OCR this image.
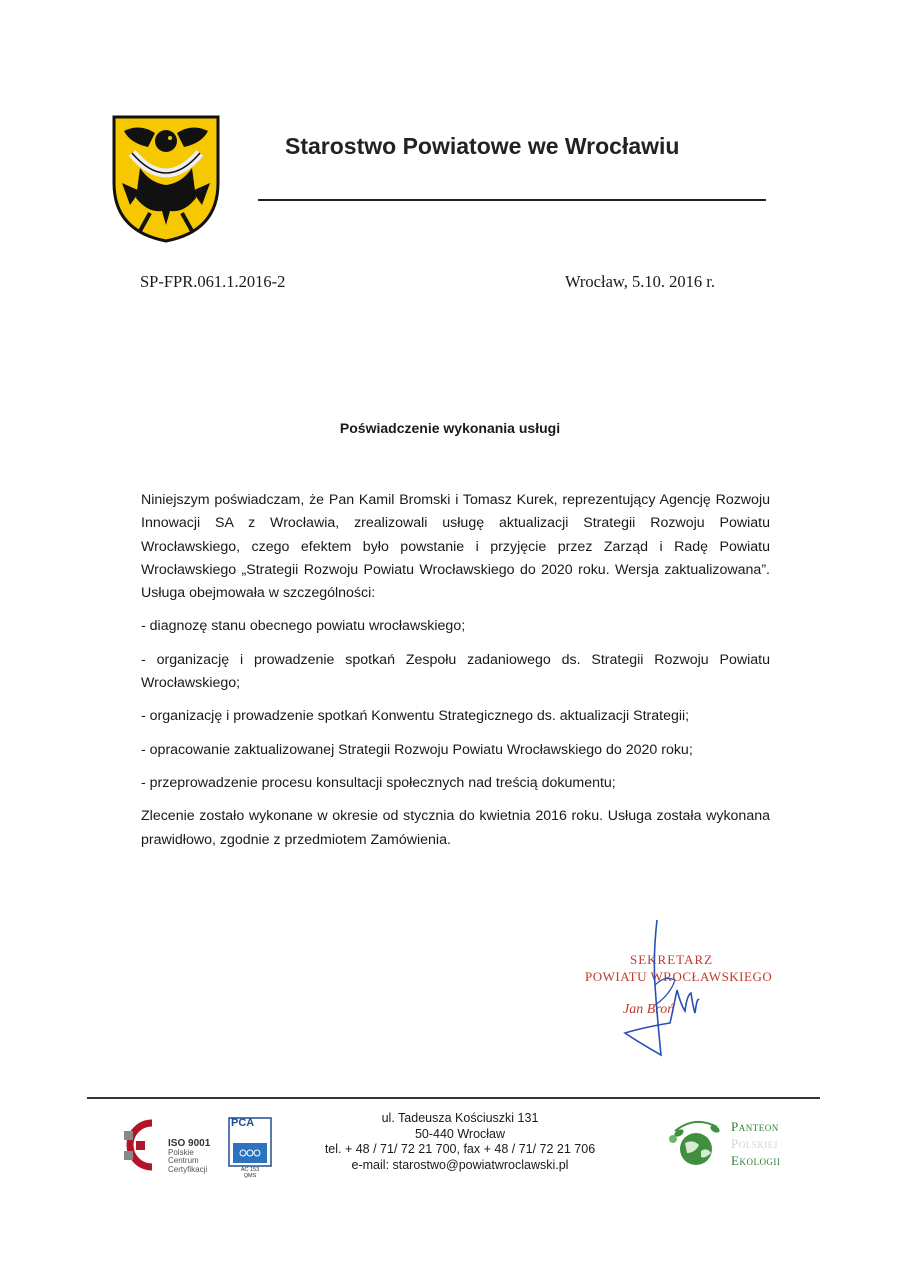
Starostwo Powiatowe we Wrocławiu
SP-FPR.061.1.2016-2	Wrocław, 5.10. 2016 r.
Poświadczenie wykonania usługi

Niniejszym poświadczam, że Pan Kamil Bromski i Tomasz Kurek, reprezentujący Agencję Rozwoju Innowacji SA z Wrocławia, zrealizowali usługę aktualizacji Strategii Rozwoju Powiatu Wrocławskiego, czego efektem było powstanie i przyjęcie przez Zarząd i Radę Powiatu Wrocławskiego „Strategii Rozwoju Powiatu Wrocławskiego do 2020 roku. Wersja zaktualizowana”. Usługa obejmowała w szczególności:

- diagnozę stanu obecnego powiatu wrocławskiego;

- organizację i prowadzenie spotkań Zespołu zadaniowego ds. Strategii Rozwoju Powiatu Wrocławskiego;

- organizację i prowadzenie spotkań Konwentu Strategicznego ds. aktualizacji Strategii;

- opracowanie zaktualizowanej Strategii Rozwoju Powiatu Wrocławskiego do 2020 roku;

- przeprowadzenie procesu konsultacji społecznych nad treścią dokumentu;

Zlecenie zostało wykonane w okresie od stycznia do kwietnia 2016 roku. Usługa została wykonana prawidłowo, zgodnie z przedmiotem Zamówienia.

SEKRETARZ
POWIATU WROCŁAWSKIEGO
Jan Broń
ISO 9001
Polskie
Centrum
Certyfikacji
PCA
AC 153
QMS
ul. Tadeusza Kościuszki 131
50-440 Wrocław
tel. + 48 / 71/ 72 21 700, fax + 48 / 71/ 72 21 706
e-mail: starostwo@powiatwroclawski.pl
Panteon
Polskiej
Ekologii
